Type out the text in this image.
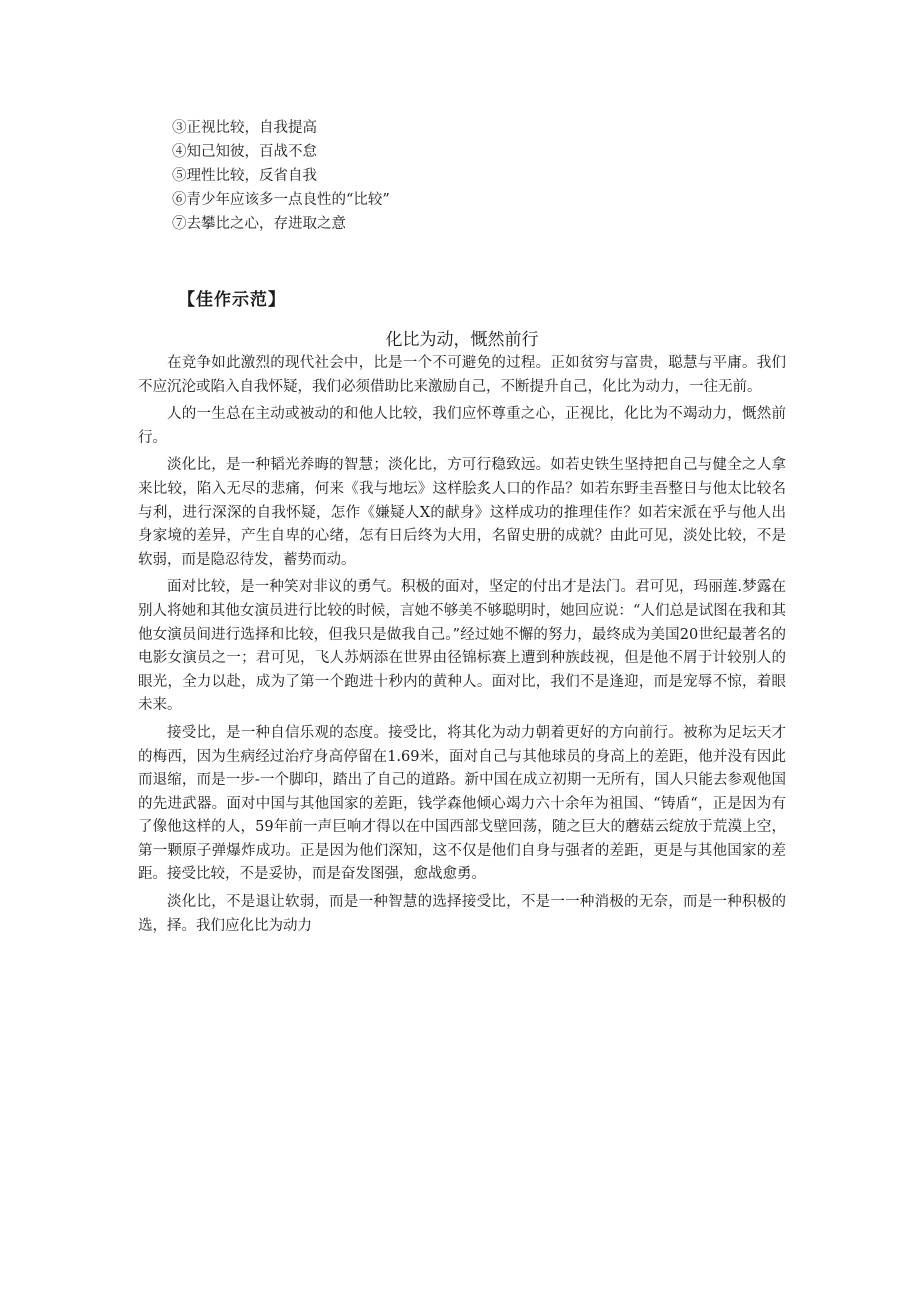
③正视比较，自我提高
④知己知彼，百战不怠
⑤理性比较，反省自我
⑥青少年应该多一点良性的“比较”
⑦去攀比之心，存进取之意
【佳作示范】
化比为动，慨然前行

在竞争如此激烈的现代社会中，比是一个不可避免的过程。正如贫穷与富贵，聪慧与平庸。我们不应沉沦或陷入自我怀疑，我们必须借助比来激励自己，不断提升自己，化比为动力，一往无前。

人的一生总在主动或被动的和他人比较，我们应怀尊重之心，正视比，化比为不竭动力，慨然前行。

淡化比，是一种韬光养晦的智慧；淡化比，方可行稳致远。如若史铁生坚持把自己与健全之人拿来比较，陷入无尽的悲痛，何来《我与地坛》这样脍炙人口的作品？如若东野圭吾整日与他太比较名与利，进行深深的自我怀疑，怎作《嫌疑人X的献身》这样成功的推理佳作？如若宋派在乎与他人出身家境的差异，产生自卑的心绪，怎有日后终为大用，名留史册的成就？由此可见，淡处比较，不是软弱，而是隐忍待发，蓄势而动。

面对比较，是一种笑对非议的勇气。积极的面对，坚定的付出才是法门。君可见，玛丽莲.梦露在别人将她和其他女演员进行比较的时候，言她不够美不够聪明时，她回应说：“人们总是试图在我和其他女演员间进行选择和比较，但我只是做我自己。”经过她不懈的努力，最终成为美国20世纪最著名的电影女演员之一；君可见，飞人苏炳添在世界由径锦标赛上遭到种族歧视，但是他不屑于计较别人的眼光，全力以赴，成为了第一个跑进十秒内的黄种人。面对比，我们不是逢迎，而是宠辱不惊，着眼未来。

接受比，是一种自信乐观的态度。接受比，将其化为动力朝着更好的方向前行。被称为足坛天才的梅西，因为生病经过治疗身高停留在1.69米，面对自己与其他球员的身高上的差距，他并没有因此而退缩，而是一步-一个脚印，踏出了自己的道路。新中国在成立初期一无所有，国人只能去参观他国的先进武器。面对中国与其他国家的差距，钱学森他倾心竭力六十余年为祖国、“铸盾“，正是因为有了像他这样的人，59年前一声巨响才得以在中国西部戈壁回荡，随之巨大的蘑菇云绽放于荒漠上空，第一颗原子弹爆炸成功。正是因为他们深知，这不仅是他们自身与强者的差距，更是与其他国家的差距。接受比较，不是妥协，而是奋发图强，愈战愈勇。

淡化比，不是退让软弱，而是一种智慧的选择接受比，不是一一种消极的无奈，而是一种积极的选，择。我们应化比为动力
